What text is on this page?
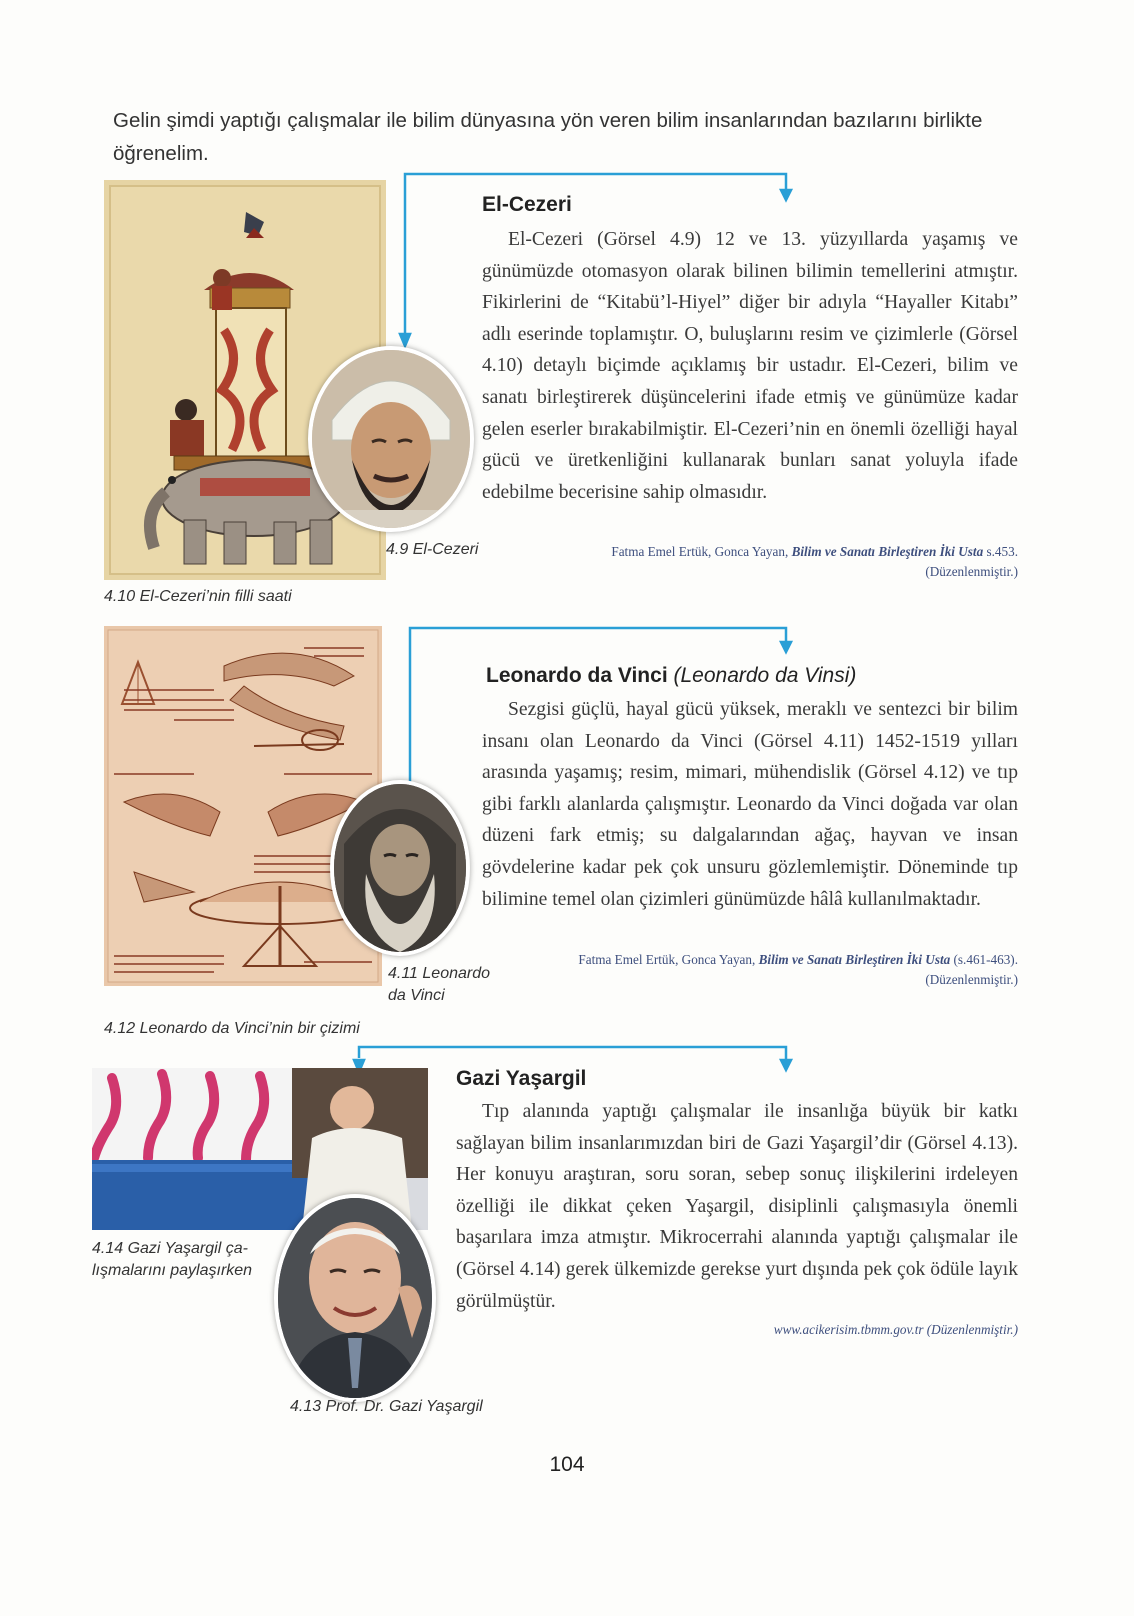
Gelin şimdi yaptığı çalışmalar ile bilim dünyasına yön veren bilim insanlarından bazılarını birlikte öğrenelim.
El-Cezeri

El-Cezeri (Görsel 4.9) 12 ve 13. yüzyıllarda yaşamış ve günümüzde otomasyon olarak bilinen bilimin temellerini atmıştır. Fikirlerini de “Kitabü’l-Hiyel” diğer bir adıyla “Hayaller Kitabı” adlı eserinde toplamıştır. O, buluşlarını resim ve çizimlerle (Görsel 4.10) detaylı biçimde açıklamış bir ustadır. El-Cezeri, bilim ve sanatı birleştirerek düşüncelerini ifade etmiş ve günümüze kadar gelen eserler bırakabilmiştir. El-Cezeri’nin en önemli özelliği hayal gücü ve üretkenliğini kullanarak bunları sanat yoluyla ifade edebilme becerisine sahip olmasıdır.

4.9 El-Cezeri	Fatma Emel Ertük, Gonca Yayan, Bilim ve Sanatı Birleştiren İki Usta s.453.
(Düzenlenmiştir.)
4.10 El-Cezeri’nin filli saati
Leonardo da Vinci (Leonardo da Vinsi)

Sezgisi güçlü, hayal gücü yüksek, meraklı ve sentezci bir bilim insanı olan Leonardo da Vinci (Görsel 4.11) 1452-1519 yılları arasında yaşamış; resim, mimari, mühendislik (Görsel 4.12) ve tıp gibi farklı alanlarda çalışmıştır. Leonardo da Vinci doğada var olan düzeni fark etmiş; su dalgalarından ağaç, hayvan ve insan gövdelerine kadar pek çok unsuru gözlemlemiştir. Döneminde tıp bilimine temel olan çizimleri günümüzde hâlâ kullanılmaktadır.

Fatma Emel Ertük, Gonca Yayan, Bilim ve Sanatı Birleştiren İki Usta (s.461-463).
(Düzenlenmiştir.)
4.11 Leonardo
da Vinci
4.12 Leonardo da Vinci’nin bir çizimi
Gazi Yaşargil

Tıp alanında yaptığı çalışmalar ile insanlığa büyük bir katkı sağlayan bilim insanlarımızdan biri de Gazi Yaşargil’dir (Görsel 4.13). Her konuyu araştıran, soru soran, sebep sonuç ilişkilerini irdeleyen özelliği ile dikkat çeken Yaşargil, disiplinli çalışmasıyla önemli başarılara imza atmıştır. Mikrocerrahi alanında yaptığı çalışmalar ile (Görsel 4.14) gerek ülkemizde gerekse yurt dışında pek çok ödüle layık görülmüştür.

www.acikerisim.tbmm.gov.tr (Düzenlenmiştir.)
4.14 Gazi Yaşargil ça-
lışmalarını paylaşırken
4.13 Prof. Dr. Gazi Yaşargil
104
